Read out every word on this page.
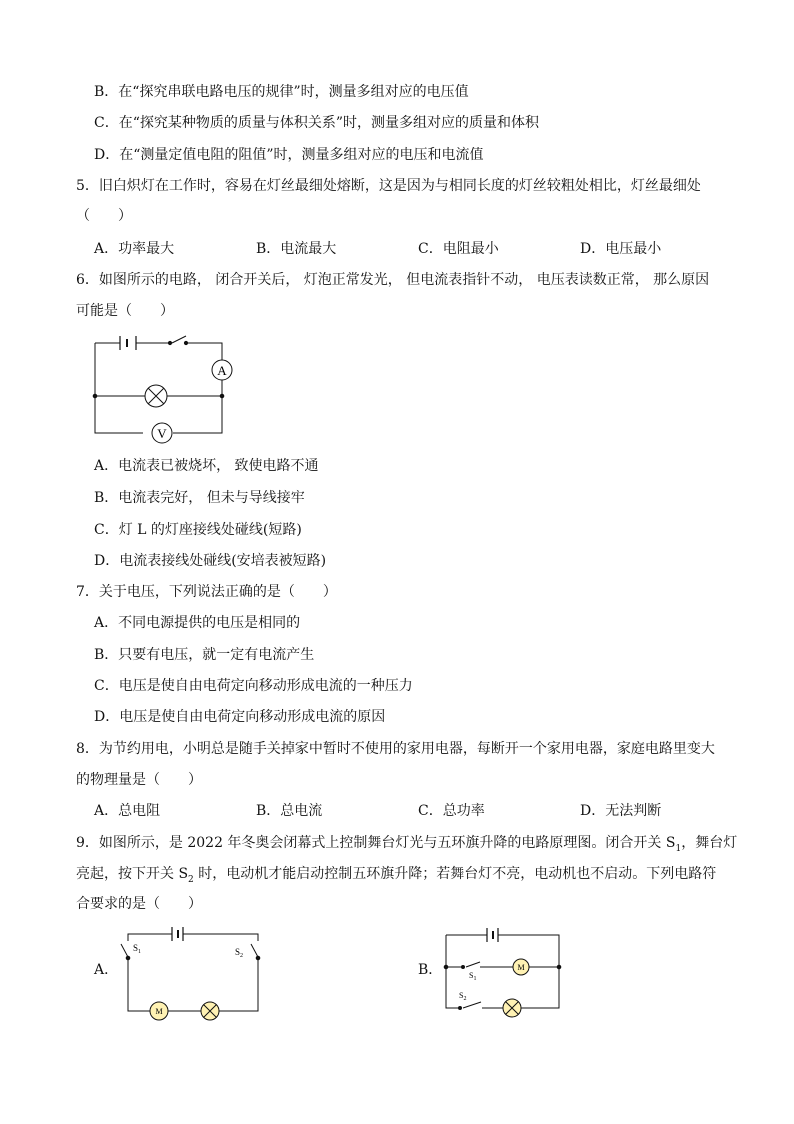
B．在“探究串联电路电压的规律”时，测量多组对应的电压值
C．在“探究某种物质的质量与体积关系”时，测量多组对应的质量和体积
D．在“测量定值电阻的阻值”时，测量多组对应的电压和电流值
5．旧白炽灯在工作时，容易在灯丝最细处熔断，这是因为与相同长度的灯丝较粗处相比，灯丝最细处
（　　）
A．功率最大	B．电流最大	C．电阻最小	D．电压最小
6．如图所示的电路， 闭合开关后， 灯泡正常发光， 但电流表指针不动， 电压表读数正常， 那么原因
可能是（　　）
A
V
A．电流表已被烧坏， 致使电路不通
B．电流表完好， 但未与导线接牢
C．灯 L 的灯座接线处碰线(短路)
D．电流表接线处碰线(安培表被短路)
7．关于电压，下列说法正确的是（　　）
A．不同电源提供的电压是相同的
B．只要有电压，就一定有电流产生
C．电压是使自由电荷定向移动形成电流的一种压力
D．电压是使自由电荷定向移动形成电流的原因
8．为节约用电，小明总是随手关掉家中暂时不使用的家用电器，每断开一个家用电器，家庭电路里变大
的物理量是（　　）
A．总电阻	B．总电流	C．总功率	D．无法判断
9．如图所示，是 2022 年冬奥会闭幕式上控制舞台灯光与五环旗升降的电路原理图。闭合开关 $S_1$，舞台灯
亮起，按下开关 $S_2$ 时，电动机才能启动控制五环旗升降；若舞台灯不亮，电动机也不启动。下列电路符
合要求的是（　　）
A．	B．
$S_1$	$S_2$
M
$S_1$
$S_2$
M
